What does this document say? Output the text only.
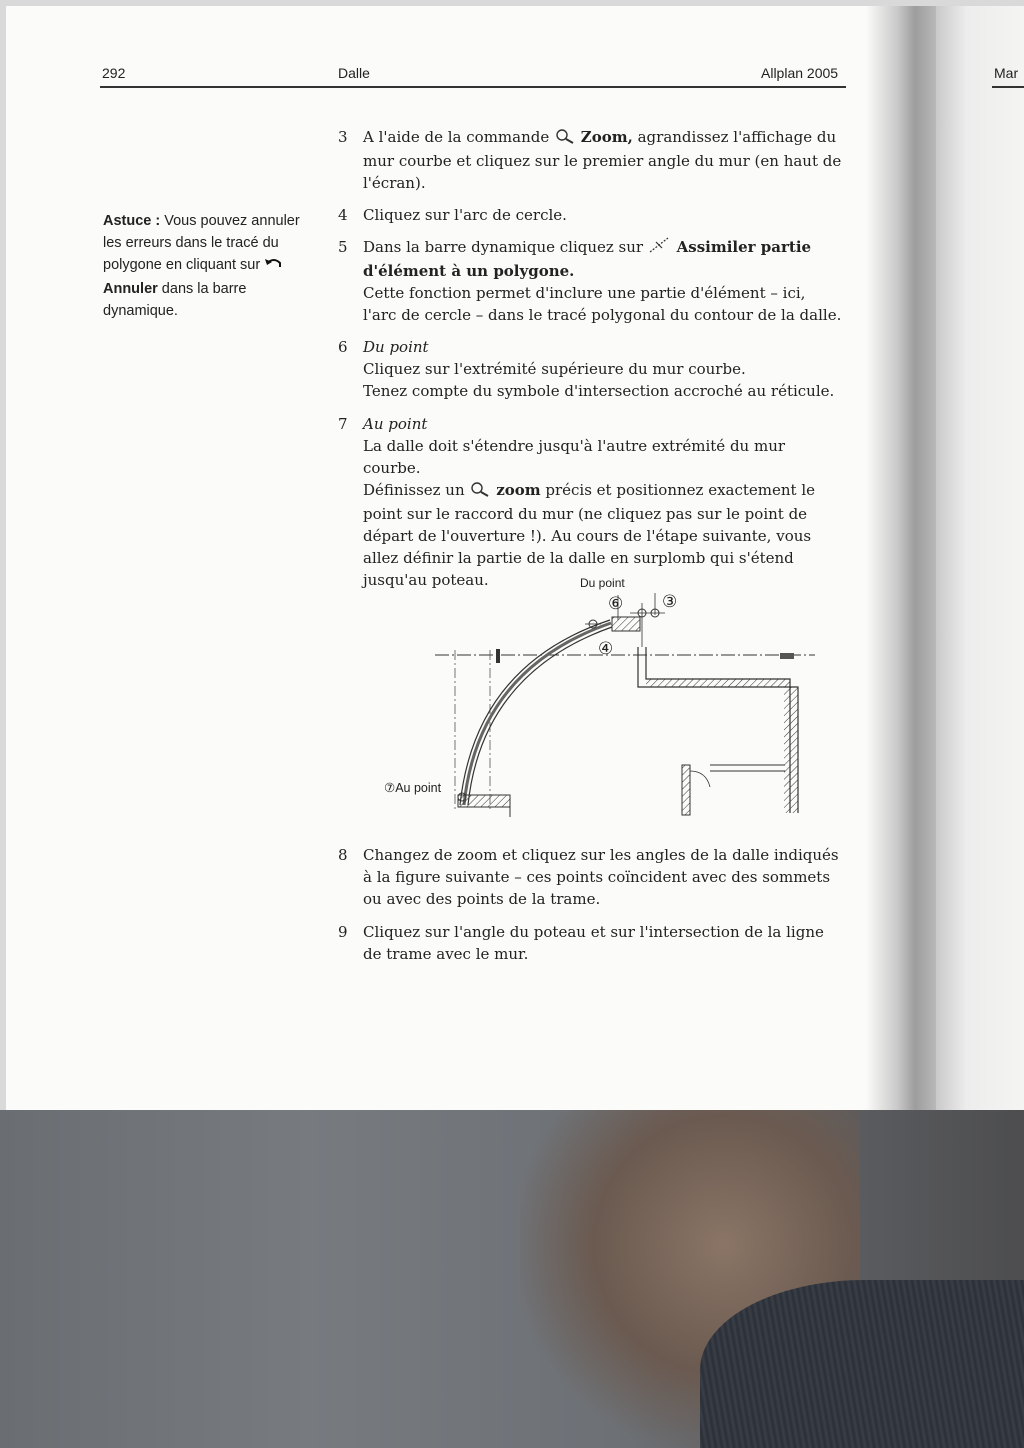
292	Dalle	Allplan 2005	Mar
Astuce : Vous pouvez annuler les erreurs dans le tracé du polygone en cliquant sur Annuler dans la barre dynamique.
3	A l'aide de la commande  Zoom, agrandissez l'affichage du mur courbe et cliquez sur le premier angle du mur (en haut de l'écran).
4	Cliquez sur l'arc de cercle.
5	Dans la barre dynamique cliquez sur  Assimiler partie d'élément à un polygone.
Cette fonction permet d'inclure une partie d'élément – ici, l'arc de cercle – dans le tracé polygonal du contour de la dalle.
6	Du point
Cliquez sur l'extrémité supérieure du mur courbe.
Tenez compte du symbole d'intersection accroché au réticule.
7	Au point
La dalle doit s'étendre jusqu'à l'autre extrémité du mur courbe.
Définissez un  zoom précis et positionnez exactement le point sur le raccord du mur (ne cliquez pas sur le point de départ de l'ouverture !). Au cours de l'étape suivante, vous allez définir la partie de la dalle en surplomb qui s'étend jusqu'au poteau.	Du point
⑥ ③
④
⑦Au point
8	Changez de zoom et cliquez sur les angles de la dalle indiqués à la figure suivante – ces points coïncident avec des sommets ou avec des points de la trame.
9	Cliquez sur l'angle du poteau et sur l'intersection de la ligne de trame avec le mur.
